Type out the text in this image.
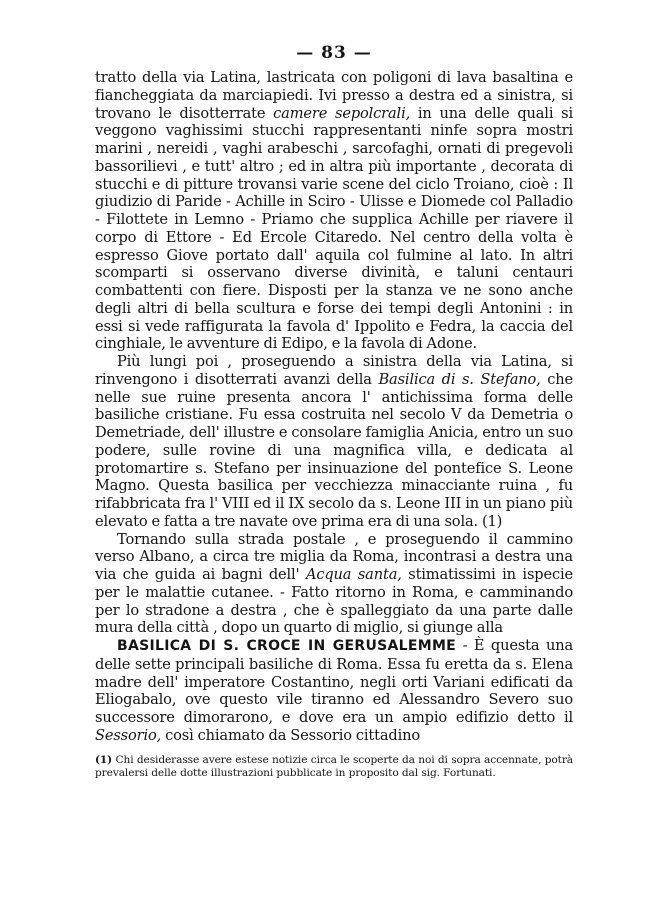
— 83 —

tratto della via Latina, lastricata con poligoni di lava basaltina e fiancheggiata da marciapiedi. Ivi presso a destra ed a sinistra, si trovano le disotterrate camere sepolcrali, in una delle quali si veggono vaghissimi stucchi rappresentanti ninfe sopra mostri marini , nereidi , vaghi arabeschi , sarcofaghi, ornati di pregevoli bassorilievi , e tutt' altro ; ed in altra più importante , decorata di stucchi e di pitture trovansi varie scene del ciclo Troiano, cioè : Il giudizio di Paride - Achille in Sciro - Ulisse e Diomede col Palladio - Filottete in Lemno - Priamo che supplica Achille per riavere il corpo di Ettore - Ed Ercole Citaredo. Nel centro della volta è espresso Giove portato dall' aquila col fulmine al lato. In altri scomparti si osservano diverse divinità, e taluni centauri combattenti con fiere. Disposti per la stanza ve ne sono anche degli altri di bella scultura e forse dei tempi degli Antonini : in essi si vede raffigurata la favola d' Ippolito e Fedra, la caccia del cinghiale, le avventure di Edipo, e la favola di Adone.

Più lungi poi , proseguendo a sinistra della via Latina, si rinvengono i disotterrati avanzi della Basilica di s. Stefano, che nelle sue ruine presenta ancora l' antichissima forma delle basiliche cristiane. Fu essa costruita nel secolo V da Demetria o Demetriade, dell' illustre e consolare famiglia Anicia, entro un suo podere, sulle rovine di una magnifica villa, e dedicata al protomartire s. Stefano per insinuazione del pontefice S. Leone Magno. Questa basilica per vecchiezza minacciante ruina , fu rifabbricata fra l' VIII ed il IX secolo da s. Leone III in un piano più elevato e fatta a tre navate ove prima era di una sola. (1)

Tornando sulla strada postale , e proseguendo il cammino verso Albano, a circa tre miglia da Roma, incontrasi a destra una via che guida ai bagni dell' Acqua santa, stimatissimi in ispecie per le malattie cutanee. - Fatto ritorno in Roma, e camminando per lo stradone a destra , che è spalleggiato da una parte dalle mura della città , dopo un quarto di miglio, si giunge alla

BASILICA DI S. CROCE IN GERUSALEMME - È questa una delle sette principali basiliche di Roma. Essa fu eretta da s. Elena madre dell' imperatore Costantino, negli orti Variani edificati da Eliogabalo, ove questo vile tiranno ed Alessandro Severo suo successore dimorarono, e dove era un ampio edifizio detto il Sessorio, così chiamato da Sessorio cittadino

(1) Chi desiderasse avere estese notizie circa le scoperte da noi di sopra accennate, potrà prevalersi delle dotte illustrazioni pubblicate in proposito dal sig. Fortunati.
